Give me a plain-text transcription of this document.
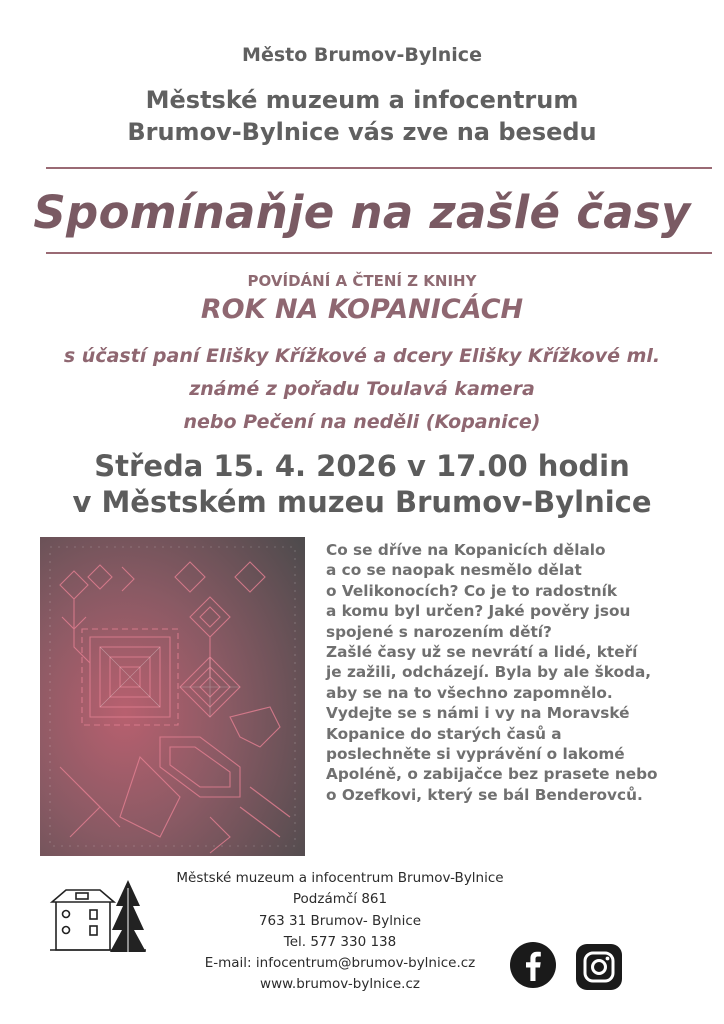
Město Brumov-Bylnice
Městské muzeum a infocentrum
Brumov-Bylnice vás zve na besedu
Spomínaňje na zašlé časy
POVÍDÁNÍ A ČTENÍ Z KNIHY
ROK NA KOPANICÁCH
s účastí paní Elišky Křížkové a dcery Elišky Křížkové ml.
známé z pořadu Toulavá kamera
nebo Pečení na neděli (Kopanice)
Středa 15. 4. 2026 v 17.00 hodin
v Městském muzeu Brumov-Bylnice
Co se dříve na Kopanicích dělalo
a co se naopak nesmělo dělat
o Velikonocích? Co je to radostník
a komu byl určen? Jaké pověry jsou
spojené s narozením dětí?
Zašlé časy už se nevrátí a lidé, kteří
je zažili, odcházejí. Byla by ale škoda,
aby se na to všechno zapomnělo.
Vydejte se s námi i vy na Moravské
Kopanice do starých časů a
poslechněte si vyprávění o lakomé
Apoléně, o zabijačce bez prasete nebo
o Ozefkovi, který se bál Benderovců.
Městské muzeum a infocentrum Brumov-Bylnice
Podzámčí 861
763 31 Brumov- Bylnice
Tel. 577 330 138
E-mail: infocentrum@brumov-bylnice.cz
www.brumov-bylnice.cz
